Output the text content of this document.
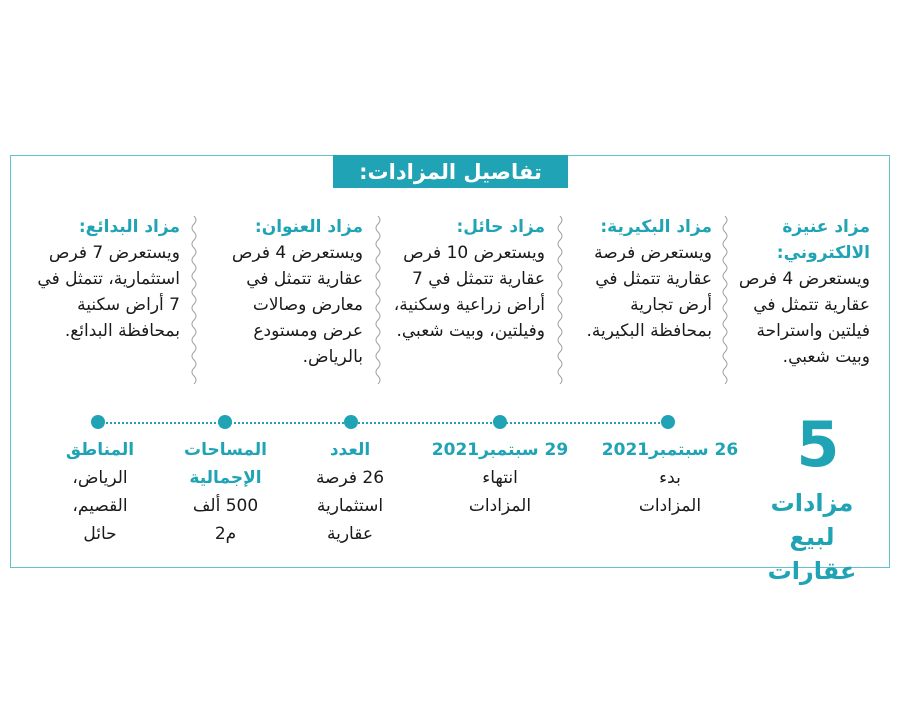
تفاصيل المزادات:
مزاد عنيزة الالكتروني:
ويستعرض 4 فرص عقارية تتمثل في فيلتين واستراحة وبيت شعبي.
مزاد البكيرية:
ويستعرض فرصة عقارية تتمثل في أرض تجارية بمحافظة البكيرية.
مزاد حائل:
ويستعرض 10 فرص عقارية تتمثل في 7 أراض زراعية وسكنية، وفيلتين، وبيت شعبي.
مزاد العنوان:
ويستعرض 4 فرص عقارية تتمثل في معارض وصالات عرض ومستودع بالرياض.
مزاد البدائع:
ويستعرض 7 فرص استثمارية، تتمثل في 7 أراض سكنية بمحافظة البدائع.
5
مزادات لبيع عقارات
26 سبتمبر2021
بدء المزادات
29 سبتمبر2021
انتهاء المزادات
العدد
26 فرصة استثمارية عقارية
المساحات الإجمالية
500 ألف م2
المناطق
الرياض، القصيم، حائل
